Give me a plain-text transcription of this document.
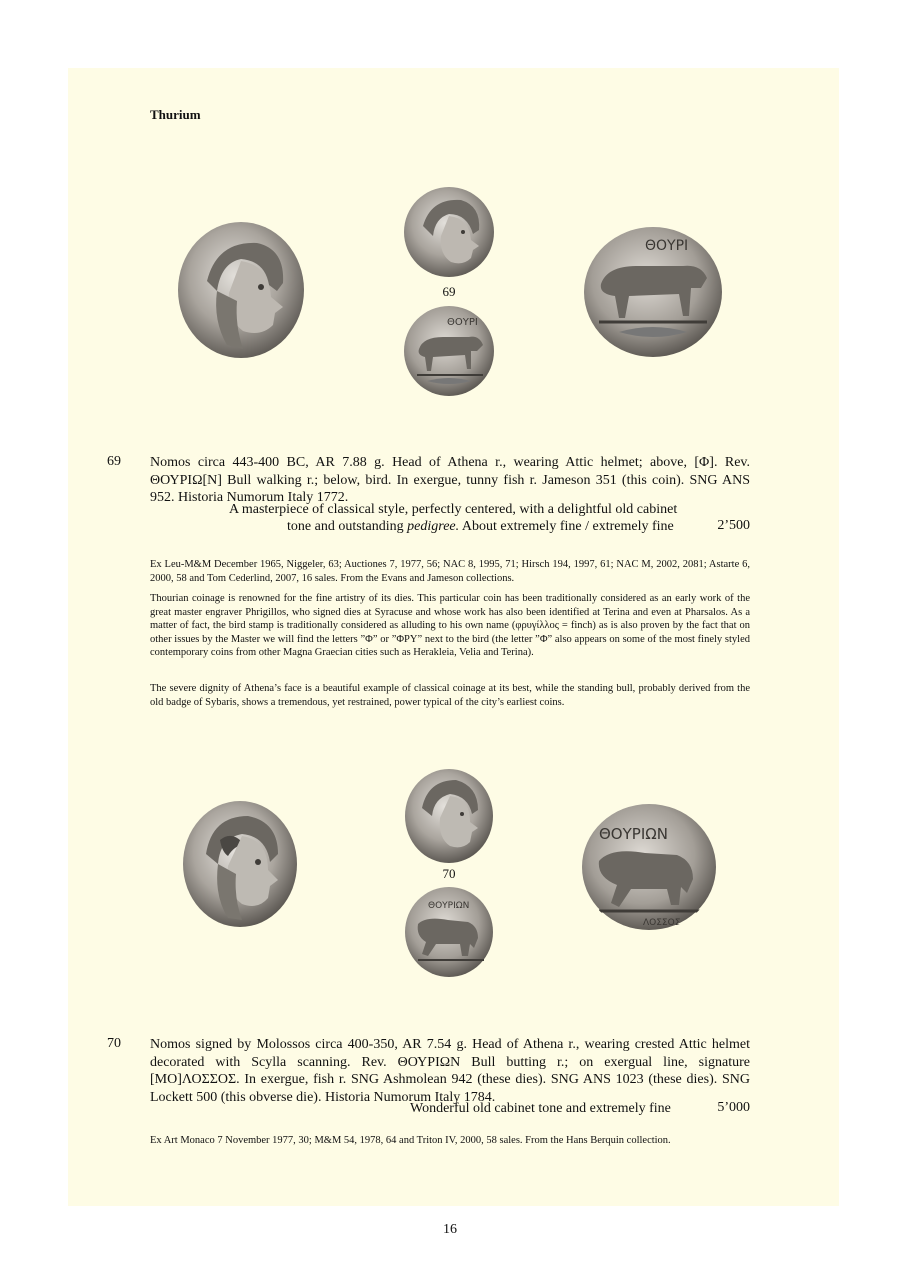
Thurium
69
ΘΟΥΡΙ
ΘΟΥΡΙ
69 Nomos circa 443-400 BC, AR 7.88 g. Head of Athena r., wearing Attic helmet; above, [Φ]. Rev. ΘΟΥΡΙΩ[Ν] Bull walking r.; below, bird. In exergue, tunny fish r. Jameson 351 (this coin). SNG ANS 952. Historia Numorum Italy 1772.
A masterpiece of classical style, perfectly centered, with a delightful old cabinet
tone and outstanding pedigree. About extremely fine / extremely fine	2’500
Ex Leu-M&M December 1965, Niggeler, 63; Auctiones 7, 1977, 56; NAC 8, 1995, 71; Hirsch 194, 1997, 61; NAC M, 2002, 2081; Astarte 6, 2000, 58 and Tom Cederlind, 2007, 16 sales. From the Evans and Jameson collections.
Thourian coinage is renowned for the fine artistry of its dies. This particular coin has been traditionally considered as an early work of the great master engraver Phrigillos, who signed dies at Syracuse and whose work has also been identified at Terina and even at Pharsalos. As a matter of fact, the bird stamp is traditionally considered as alluding to his own name (φρυγίλλος = finch) as is also proven by the fact that on other issues by the Master we will find the letters ”Φ” or ”ΦΡΥ” next to the bird (the letter ”Φ” also appears on some of the most finely styled contemporary coins from other Magna Graecian cities such as Herakleia, Velia and Terina).
The severe dignity of Athena’s face is a beautiful example of classical coinage at its best, while the standing bull, probably derived from the old badge of Sybaris, shows a tremendous, yet restrained, power typical of the city’s earliest coins.
70
ΘΟΥΡΙΩΝ
ΘΟΥΡΙΩΝ
ΛΟΣΣΟΣ
70 Nomos signed by Molossos circa 400-350, AR 7.54 g. Head of Athena r., wearing crested Attic helmet decorated with Scylla scanning. Rev. ΘΟΥΡΙΩΝ Bull butting r.; on exergual line, signature [ΜΟ]ΛΟΣΣΟΣ. In exergue, fish r. SNG Ashmolean 942 (these dies). SNG ANS 1023 (these dies). SNG Lockett 500 (this obverse die). Historia Numorum Italy 1784.
Wonderful old cabinet tone and extremely fine	5’000
Ex Art Monaco 7 November 1977, 30; M&M 54, 1978, 64 and Triton IV, 2000, 58 sales. From the Hans Berquin collection.
16
